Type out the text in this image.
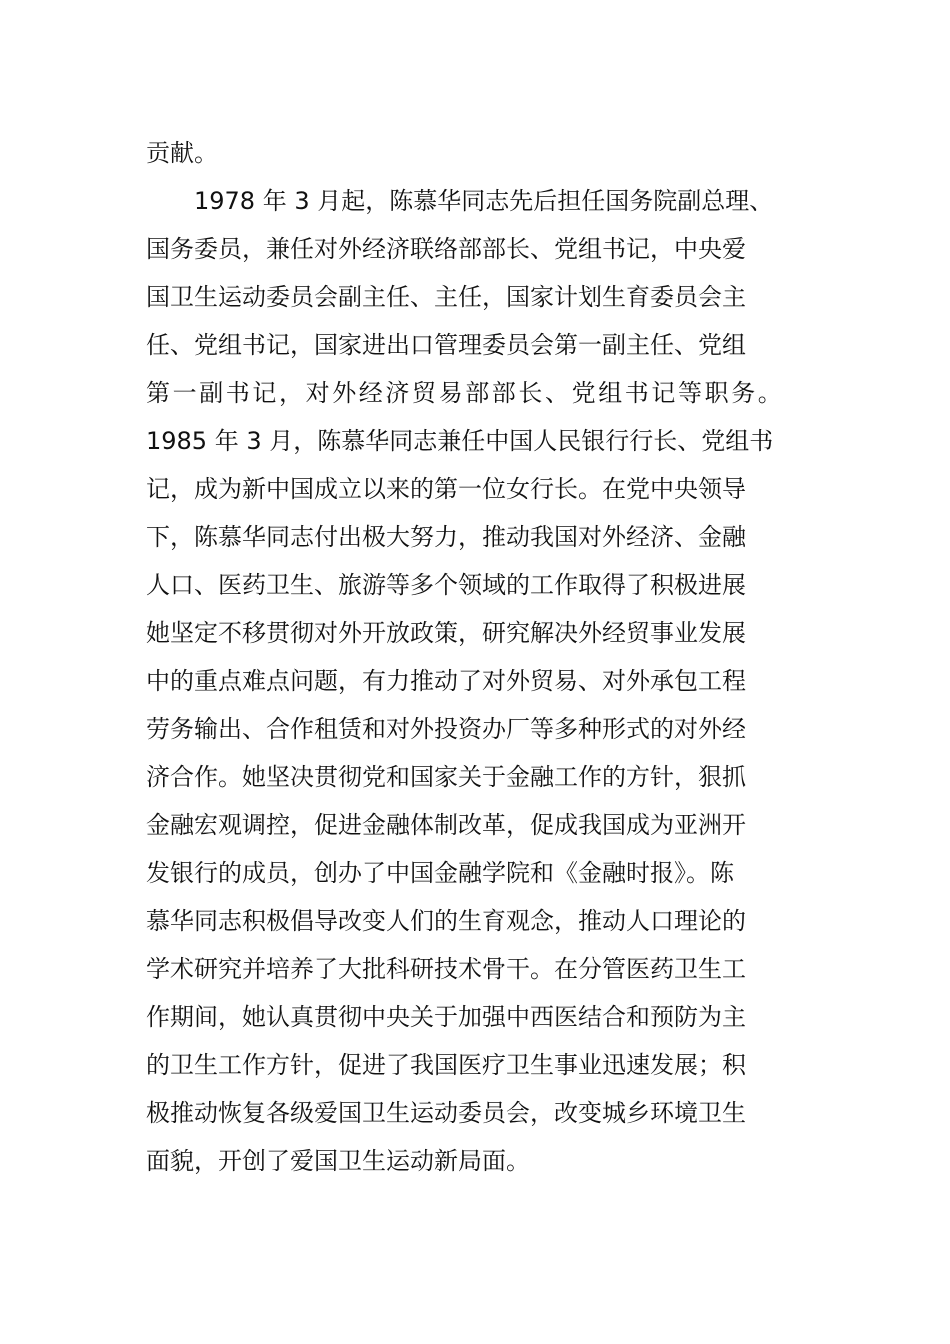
贡献。
1978 年 3 月起，陈慕华同志先后担任国务院副总理、
国务委员，兼任对外经济联络部部长、党组书记，中央爱
国卫生运动委员会副主任、主任，国家计划生育委员会主
任、党组书记，国家进出口管理委员会第一副主任、党组
第一副书记，对外经济贸易部部长、党组书记等职务。
1985 年 3 月，陈慕华同志兼任中国人民银行行长、党组书
记，成为新中国成立以来的第一位女行长。在党中央领导
下，陈慕华同志付出极大努力，推动我国对外经济、金融
人口、医药卫生、旅游等多个领域的工作取得了积极进展
她坚定不移贯彻对外开放政策，研究解决外经贸事业发展
中的重点难点问题，有力推动了对外贸易、对外承包工程
劳务输出、合作租赁和对外投资办厂等多种形式的对外经
济合作。她坚决贯彻党和国家关于金融工作的方针，狠抓
金融宏观调控，促进金融体制改革，促成我国成为亚洲开
发银行的成员，创办了中国金融学院和《金融时报》。陈
慕华同志积极倡导改变人们的生育观念，推动人口理论的
学术研究并培养了大批科研技术骨干。在分管医药卫生工
作期间，她认真贯彻中央关于加强中西医结合和预防为主
的卫生工作方针，促进了我国医疗卫生事业迅速发展；积
极推动恢复各级爱国卫生运动委员会，改变城乡环境卫生
面貌，开创了爱国卫生运动新局面。
